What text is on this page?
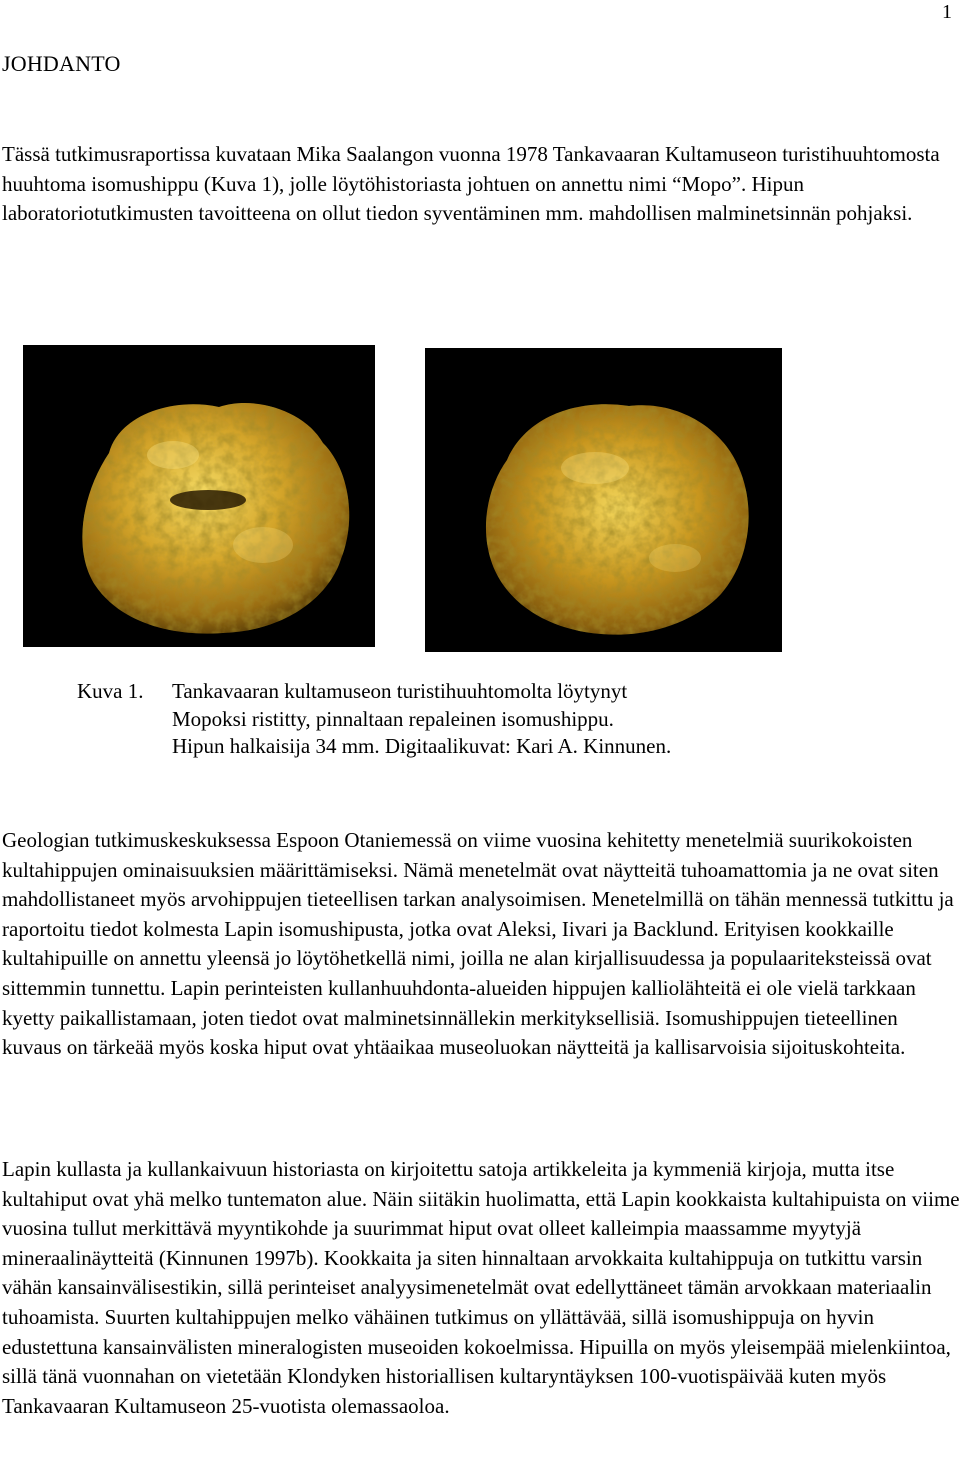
1
JOHDANTO

Tässä tutkimusraportissa kuvataan Mika Saalangon vuonna 1978 Tankavaaran Kultamuseon turistihuuhtomosta huuhtoma isomushippu (Kuva 1), jolle löytöhistoriasta johtuen on annettu nimi “Mopo”. Hipun laboratoriotutkimusten tavoitteena on ollut tiedon syventäminen mm. mahdollisen malminetsinnän pohjaksi.

Kuva 1.	Tankavaaran kultamuseon turistihuuhtomolta löytynyt
Mopoksi ristitty, pinnaltaan repaleinen isomushippu.
Hipun halkaisija 34 mm. Digitaalikuvat: Kari A. Kinnunen.

Geologian tutkimuskeskuksessa Espoon Otaniemessä on viime vuosina kehitetty menetelmiä suurikokoisten kultahippujen ominaisuuksien määrittämiseksi. Nämä menetelmät ovat näytteitä tuhoamattomia ja ne ovat siten mahdollistaneet myös arvohippujen tieteellisen tarkan analysoimisen. Menetelmillä on tähän mennessä tutkittu ja raportoitu tiedot kolmesta Lapin isomushipusta, jotka ovat Aleksi, Iivari ja Backlund. Erityisen kookkaille kultahipuille on annettu yleensä jo löytöhetkellä nimi, joilla ne alan kirjallisuudessa ja populaariteksteissä ovat sittemmin tunnettu. Lapin perinteisten kullanhuuhdonta-alueiden hippujen kalliolähteitä ei ole vielä tarkkaan kyetty paikallistamaan, joten tiedot ovat malminetsinnällekin merkityksellisiä. Isomushippujen tieteellinen kuvaus on tärkeää myös koska hiput ovat yhtäaikaa museoluokan näytteitä ja kallisarvoisia sijoituskohteita.

Lapin kullasta ja kullankaivuun historiasta on kirjoitettu satoja artikkeleita ja kymmeniä kirjoja, mutta itse kultahiput ovat yhä melko tuntematon alue. Näin siitäkin huolimatta, että Lapin kookkaista kultahipuista on viime vuosina tullut merkittävä myyntikohde ja suurimmat hiput ovat olleet kalleimpia maassamme myytyjä mineraalinäytteitä (Kinnunen 1997b). Kookkaita ja siten hinnaltaan arvokkaita kultahippuja on tutkittu varsin vähän kansainvälisestikin, sillä perinteiset analyysimenetelmät ovat edellyttäneet tämän arvokkaan materiaalin tuhoamista. Suurten kultahippujen melko vähäinen tutkimus on yllättävää, sillä isomushippuja on hyvin edustettuna kansainvälisten mineralogisten museoiden kokoelmissa. Hipuilla on myös yleisempää mielenkiintoa, sillä tänä vuonnahan on vietetään Klondyken historiallisen kultaryntäyksen 100-vuotispäivää kuten myös Tankavaaran Kultamuseon 25-vuotista olemassaoloa.
